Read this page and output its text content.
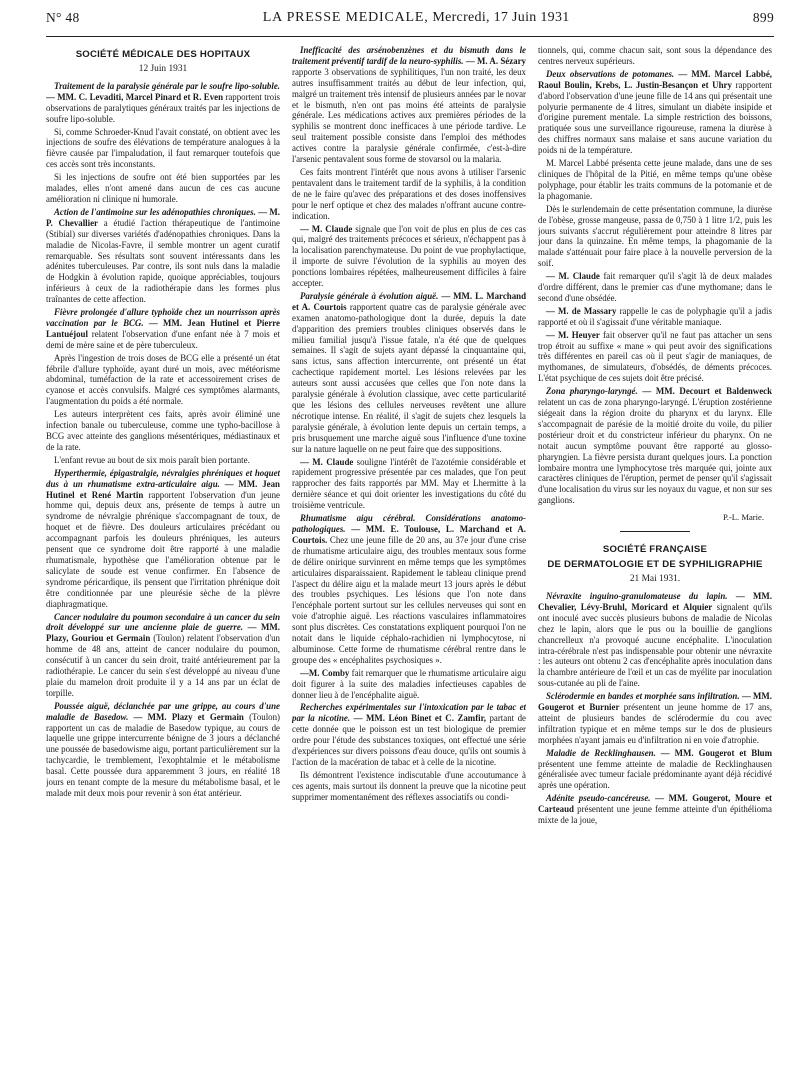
N° 48	LA PRESSE MEDICALE, Mercredi, 17 Juin 1931	899
SOCIÉTÉ MÉDICALE DES HOPITAUX
12 Juin 1931

Traitement de la paralysie générale par le soufre lipo-soluble. — MM. C. Levaditi, Marcel Pinard et R. Even rapportent trois observations de paralytiques généraux traités par les injections de soufre lipo-soluble.

Si, comme Schroeder-Knud l'avait constaté, on obtient avec les injections de soufre des élévations de température analogues à la fièvre causée par l'impaludation, il faut remarquer toutefois que ces accès sont très inconstants.

Si les injections de soufre ont été bien supportées par les malades, elles n'ont amené dans aucun de ces cas aucune amélioration ni clinique ni humorale.

Action de l'antimoine sur les adénopathies chroniques. — M. P. Chevallier a étudié l'action thérapeutique de l'antimoine (Stibial) sur diverses variétés d'adénopathies chroniques. Dans la maladie de Nicolas-Favre, il semble montrer un agent curatif remarquable. Ses résultats sont souvent intéressants dans les adénites tuberculeuses. Par contre, ils sont nuls dans la maladie de Hodgkin à évolution rapide, quoique appréciables, toujours inférieurs à ceux de la radiothérapie dans les formes plus traînantes de cette affection.

Fièvre prolongée d'allure typhoïde chez un nourrisson après vaccination par le BCG. — MM. Jean Hutinel et Pierre Lantuéjoul relatent l'observation d'une enfant née à 7 mois et demi de mère saine et de père tuberculeux.

Après l'ingestion de trois doses de BCG elle a présenté un état fébrile d'allure typhoïde, ayant duré un mois, avec météorisme abdominal, tuméfaction de la rate et accessoirement crises de cyanose et accès convulsifs. Malgré ces symptômes alarmants, l'augmentation du poids a été normale.

Les auteurs interprètent ces faits, après avoir éliminé une infection banale ou tuberculeuse, comme une typho-bacillose à BCG avec atteinte des ganglions mésentériques, médiastinaux et de la rate.

L'enfant revue au bout de six mois paraît bien portante.

Hyperthermie, épigastralgie, névralgies phréniques et hoquet dus à un rhumatisme extra-articulaire aigu. — MM. Jean Hutinel et René Martin rapportent l'observation d'un jeune homme qui, depuis deux ans, présente de temps à autre un syndrome de névralgie phrénique s'accompagnant de toux, de hoquet et de fièvre. Des douleurs articulaires précédant ou accompagnant parfois les douleurs phréniques, les auteurs pensent que ce syndrome doit être rapporté à une maladie rhumatismale, hypothèse que l'amélioration obtenue par le salicylate de soude est venue confirmer. En l'absence de syndrome péricardique, ils pensent que l'irritation phrénique doit être conditionnée par une pleurésie sèche de la plèvre diaphragmatique.

Cancer nodulaire du poumon secondaire à un cancer du sein droit développé sur une ancienne plaie de guerre. — MM. Plazy, Gouriou et Germain (Toulon) relatent l'observation d'un homme de 48 ans, atteint de cancer nodulaire du poumon, consécutif à un cancer du sein droit, traité antérieurement par la radiothérapie. Le cancer du sein s'est développé au niveau d'une plaie du mamelon droit produite il y a 14 ans par un éclat de torpille.

Poussée aiguë, déclanchée par une grippe, au cours d'une maladie de Basedow. — MM. Plazy et Germain (Toulon) rapportent un cas de maladie de Basedow typique, au cours de laquelle une grippe intercurrente bénigne de 3 jours a déclanché une poussée de basedowisme aigu, portant particulièrement sur la tachycardie, le tremblement, l'exophtalmie et le métabolisme basal. Cette poussée dura apparemment 3 jours, en réalité 18 jours en tenant compte de la mesure du métabolisme basal, et le malade mit deux mois pour revenir à son état antérieur.

Inefficacité des arsénobenzènes et du bismuth dans le traitement préventif tardif de la neuro-syphilis. — M. A. Sézary rapporte 3 observations de syphilitiques, l'un non traité, les deux autres insuffisamment traités au début de leur infection, qui, malgré un traitement très intensif de plusieurs années par le novar et le bismuth, n'en ont pas moins été atteints de paralysie générale. Les médications actives aux premières périodes de la syphilis se montrent donc inefficaces à une période tardive. Le seul traitement possible consiste dans l'emploi des méthodes actives contre la paralysie générale confirmée, c'est-à-dire l'arsenic pentavalent sous forme de stovarsol ou la malaria.

Ces faits montrent l'intérêt que nous avons à utiliser l'arsenic pentavalent dans le traitement tardif de la syphilis, à la condition de ne le faire qu'avec des préparations et des doses inoffensives pour le nerf optique et chez des malades n'offrant aucune contre-indication.

— M. Claude signale que l'on voit de plus en plus de ces cas qui, malgré des traitements précoces et sérieux, n'échappent pas à la localisation parenchymateuse. Du point de vue prophylactique, il importe de suivre l'évolution de la syphilis au moyen des ponctions lombaires répétées, malheureusement difficiles à faire accepter.

Paralysie générale à évolution aiguë. — MM. L. Marchand et A. Courtois rapportent quatre cas de paralysie générale avec examen anatomo-pathologique dont la durée, depuis la date d'apparition des premiers troubles cliniques observés dans le milieu familial jusqu'à l'issue fatale, n'a été que de quelques semaines. Il s'agit de sujets ayant dépassé la cinquantaine qui, sans ictus, sans affection intercurrente, ont présenté un état cachectique rapidement mortel. Les lésions relevées par les auteurs sont aussi accusées que celles que l'on note dans la paralysie générale à évolution classique, avec cette particularité que les lésions des cellules nerveuses revêtent une allure nécrotique intense. En réalité, il s'agit de sujets chez lesquels la paralysie générale, à évolution lente depuis un certain temps, a pris brusquement une marche aiguë sous l'influence d'une toxine sur la nature laquelle on ne peut faire que des suppositions.

— M. Claude souligne l'intérêt de l'azotémie considérable et rapidement progressive présentée par ces malades, que l'on peut rapprocher des faits rapportés par MM. May et Lhermitte à la dernière séance et qui doit orienter les investigations du côté du troisième ventricule.

Rhumatisme aigu cérébral. Considérations anatomo-pathologiques. — MM. E. Toulouse, L. Marchand et A. Courtois. Chez une jeune fille de 20 ans, au 37e jour d'une crise de rhumatisme articulaire aigu, des troubles mentaux sous forme de délire onirique survinrent en même temps que les symptômes articulaires disparaissaient. Rapidement le tableau clinique prend l'aspect du délire aigu et la malade meurt 13 jours après le début des troubles psychiques. Les lésions que l'on note dans l'encéphale portent surtout sur les cellules nerveuses qui sont en voie d'atrophie aiguë. Les réactions vasculaires inflammatoires sont plus discrètes. Ces constatations expliquent pourquoi l'on ne notait dans le liquide céphalo-rachidien ni lymphocytose, ni albuminose. Cette forme de rhumatisme cérébral rentre dans le groupe des « encéphalites psychosiques ».

—M. Comby fait remarquer que le rhumatisme articulaire aigu doit figurer à la suite des maladies infectieuses capables de donner lieu à de l'encéphalite aiguë.

Recherches expérimentales sur l'intoxication par le tabac et par la nicotine. — MM. Léon Binet et C. Zamfir, partant de cette donnée que le poisson est un test biologique de premier ordre pour l'étude des substances toxiques, ont effectué une série d'expériences sur divers poissons d'eau douce, qu'ils ont soumis à l'action de la macération de tabac et à celle de la nicotine.

Ils démontrent l'existence indiscutable d'une accoutumance à ces agents, mais surtout ils donnent la preuve que la nicotine peut supprimer momentanément des réflexes associatifs ou condi-

tionnels, qui, comme chacun sait, sont sous la dépendance des centres nerveux supérieurs.

Deux observations de potomanes. — MM. Marcel Labbé, Raoul Boulin, Krebs, L. Justin-Besançon et Uhry rapportent d'abord l'observation d'une jeune fille de 14 ans qui présentait une polyurie permanente de 4 litres, simulant un diabète insipide et d'origine purement mentale. La simple restriction des boissons, pratiquée sous une surveillance rigoureuse, ramena la diurèse à des chiffres normaux sans malaise et sans aucune variation du poids ni de la température.

M. Marcel Labbé présenta cette jeune malade, dans une de ses cliniques de l'hôpital de la Pitié, en même temps qu'une obèse polyphage, pour établir les traits communs de la potomanie et de la phagomanie.

Dès le surlendemain de cette présentation commune, la diurèse de l'obèse, grosse mangeuse, passa de 0,750 à 1 litre 1/2, puis les jours suivants s'accrut régulièrement pour atteindre 8 litres par jour dans la quinzaine. En même temps, la phagomanie de la malade s'atténuait pour faire place à la nouvelle perversion de la soif.

— M. Claude fait remarquer qu'il s'agit là de deux malades d'ordre différent, dans le premier cas d'une mythomane; dans le second d'une obsédée.

— M. de Massary rappelle le cas de polyphagie qu'il a jadis rapporté et où il s'agissait d'une véritable maniaque.

— M. Heuyer fait observer qu'il ne faut pas attacher un sens trop étroit au suffixe « mane » qui peut avoir des significations très différentes en pareil cas où il peut s'agir de maniaques, de mythomanes, de simulateurs, d'obsédés, de déments précoces. L'état psychique de ces sujets doit être précisé.

Zona pharyngo-laryngé. — MM. Decourt et Baldenweck relatent un cas de zona pharyngo-laryngé. L'éruption zostérienne siégeait dans la région droite du pharynx et du larynx. Elle s'accompagnait de parésie de la moitié droite du voile, du pilier postérieur droit et du constricteur inférieur du pharynx. On ne notait aucun symptôme pouvant être rapporté au glosso-pharyngien. La fièvre persista durant quelques jours. La ponction lombaire montra une lymphocytose très marquée qui, jointe aux caractères cliniques de l'éruption, permet de penser qu'il s'agissait d'une localisation du virus sur les noyaux du vague, et non sur ses ganglions.

P.-L. Marie.
SOCIÉTÉ FRANÇAISE
DE DERMATOLOGIE ET DE SYPHILIGRAPHIE
21 Mai 1931.

Névraxite inguino-granulomateuse du lapin. — MM. Chevalier, Lévy-Bruhl, Moricard et Alquier signalent qu'ils ont inoculé avec succès plusieurs bubons de maladie de Nicolas chez le lapin, alors que le pus ou la bouillie de ganglions chancrelleux n'a provoqué aucune encéphalite. L'inoculation intra-cérébrale n'est pas indispensable pour obtenir une névraxite : les auteurs ont obtenu 2 cas d'encéphalite après inoculation dans la chambre antérieure de l'œil et un cas de myélite par inoculation sous-cutanée au pli de l'aine.

Sclérodermie en bandes et morphée sans infiltration. — MM. Gougerot et Burnier présentent un jeune homme de 17 ans, atteint de plusieurs bandes de sclérodermie du cou avec infiltration typique et en même temps sur le dos de plusieurs morphées n'ayant jamais eu d'infiltration ni en voie d'atrophie.

Maladie de Recklinghausen. — MM. Gougerot et Blum présentent une femme atteinte de maladie de Recklinghausen généralisée avec tumeur faciale prédominante ayant déjà récidivé après une opération.

Adénite pseudo-cancéreuse. — MM. Gougerot, Moure et Carteaud présentent une jeune femme atteinte d'un épithélioma mixte de la joue,
